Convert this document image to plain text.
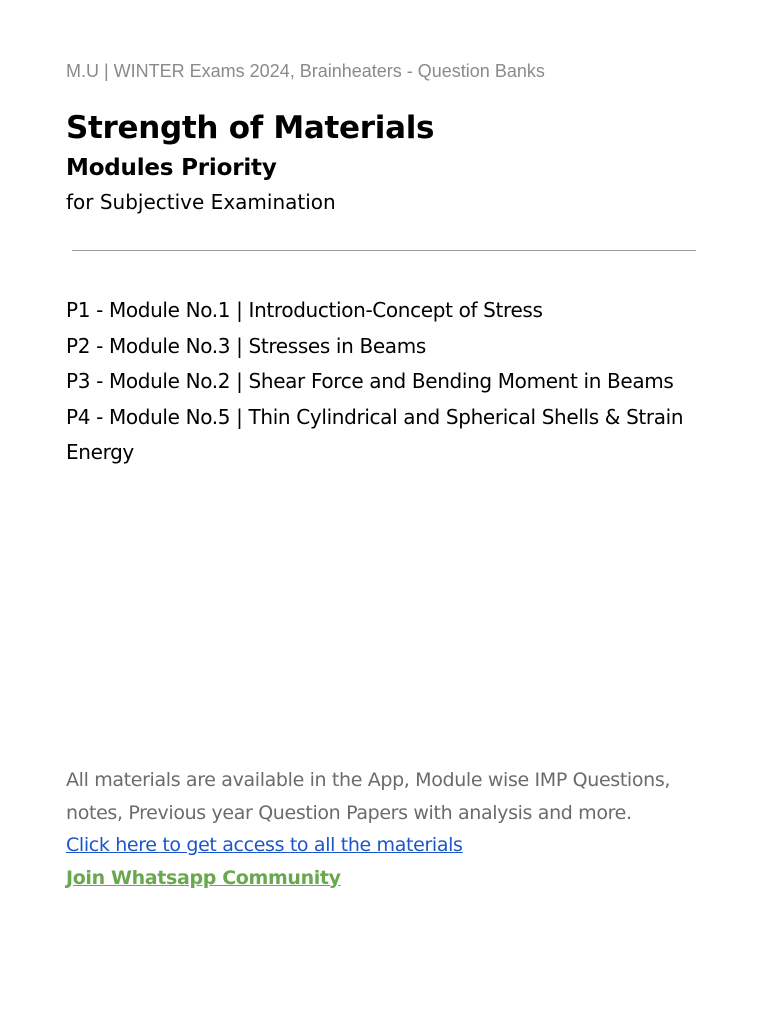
M.U | WINTER Exams 2024, Brainheaters - Question Banks
Strength of Materials
Modules Priority
for Subjective Examination
P1 - Module No.1 | Introduction-Concept of Stress
P2 - Module No.3 | Stresses in Beams
P3 - Module No.2 | Shear Force and Bending Moment in Beams
P4 - Module No.5 | Thin Cylindrical and Spherical Shells & Strain Energy

All materials are available in the App, Module wise IMP Questions, notes, Previous year Question Papers with analysis and more.

Click here to get access to all the materials
Join Whatsapp Community
